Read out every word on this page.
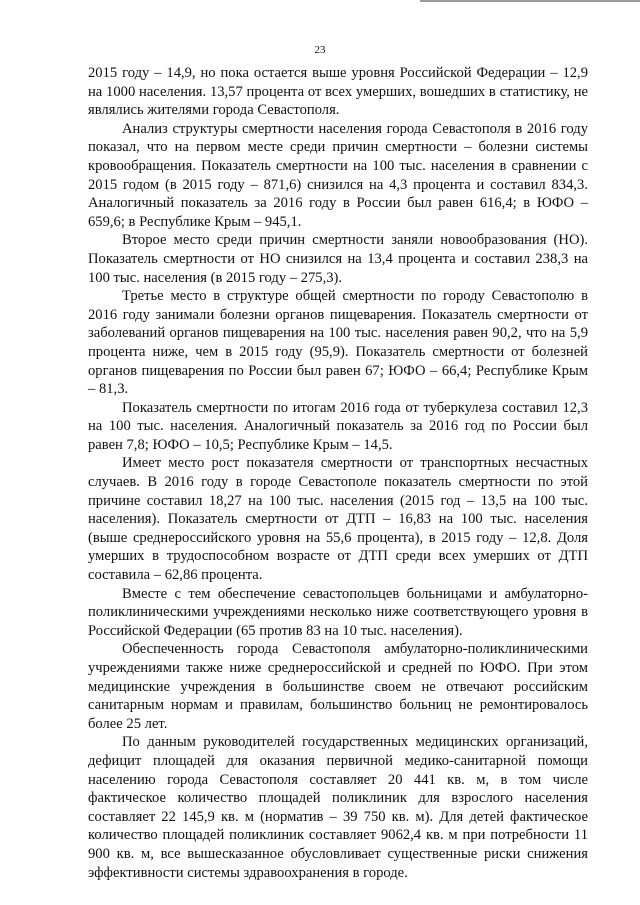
23

2015 году – 14,9, но пока остается выше уровня Российской Федерации – 12,9 на 1000 населения. 13,57 процента от всех умерших, вошедших в статистику, не являлись жителями города Севастополя.

Анализ структуры смертности населения города Севастополя в 2016 году показал, что на первом месте среди причин смертности – болезни системы кровообращения. Показатель смертности на 100 тыс. населения в сравнении с 2015 годом (в 2015 году – 871,6) снизился на 4,3 процента и составил 834,3. Аналогичный показатель за 2016 году в России был равен 616,4; в ЮФО – 659,6; в Республике Крым – 945,1.

Второе место среди причин смертности заняли новообразования (НО). Показатель смертности от НО снизился на 13,4 процента и составил 238,3 на 100 тыс. населения (в 2015 году – 275,3).

Третье место в структуре общей смертности по городу Севастополю в 2016 году занимали болезни органов пищеварения. Показатель смертности от заболеваний органов пищеварения на 100 тыс. населения равен 90,2, что на 5,9 процента ниже, чем в 2015 году (95,9). Показатель смертности от болезней органов пищеварения по России был равен 67; ЮФО – 66,4; Республике Крым – 81,3.

Показатель смертности по итогам 2016 года от туберкулеза составил 12,3 на 100 тыс. населения. Аналогичный показатель за 2016 год по России был равен 7,8; ЮФО – 10,5; Республике Крым – 14,5.

Имеет место рост показателя смертности от транспортных несчастных случаев. В 2016 году в городе Севастополе показатель смертности по этой причине составил 18,27 на 100 тыс. населения (2015 год – 13,5 на 100 тыс. населения). Показатель смертности от ДТП – 16,83 на 100 тыс. населения (выше среднероссийского уровня на 55,6 процента), в 2015 году – 12,8. Доля умерших в трудоспособном возрасте от ДТП среди всех умерших от ДТП составила – 62,86 процента.

Вместе с тем обеспечение севастопольцев больницами и амбулаторно-поликлиническими учреждениями несколько ниже соответствующего уровня в Российской Федерации (65 против 83 на 10 тыс. населения).

Обеспеченность города Севастополя амбулаторно-поликлиническими учреждениями также ниже среднероссийской и средней по ЮФО. При этом медицинские учреждения в большинстве своем не отвечают российским санитарным нормам и правилам, большинство больниц не ремонтировалось более 25 лет.

По данным руководителей государственных медицинских организаций, дефицит площадей для оказания первичной медико-санитарной помощи населению города Севастополя составляет 20 441 кв. м, в том числе фактическое количество площадей поликлиник для взрослого населения составляет 22 145,9 кв. м (норматив – 39 750 кв. м). Для детей фактическое количество площадей поликлиник составляет 9062,4 кв. м при потребности 11 900 кв. м, все вышесказанное обусловливает существенные риски снижения эффективности системы здравоохранения в городе.
